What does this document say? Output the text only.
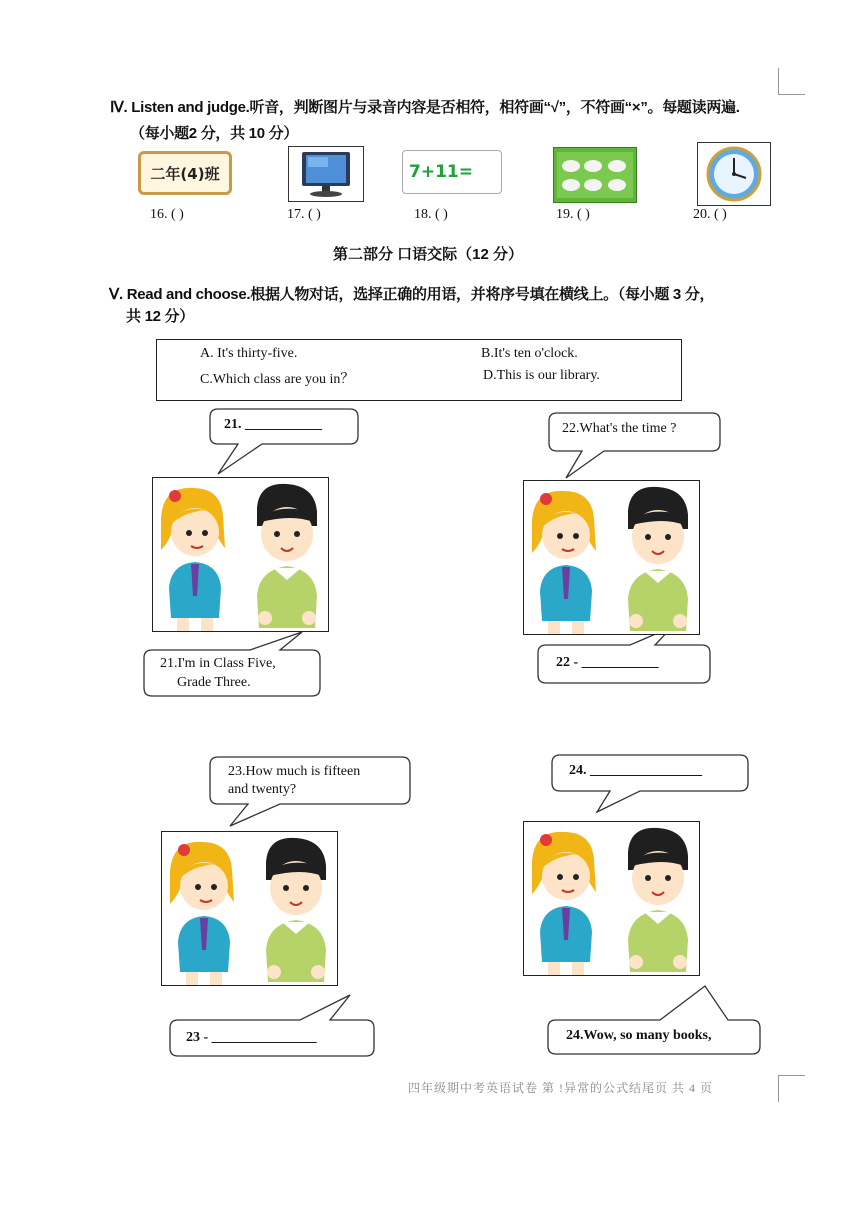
Ⅳ. Listen and judge.听音，判断图片与录音内容是否相符，相符画“√”，不符画“×”。每题读两遍.
（每小题2 分，共 10 分）
二年(4)班
16. ( )	17. ( )
7+11=
18. ( )	19. ( )	20. ( )
第二部分 口语交际（12 分）
Ⅴ. Read and choose.根据人物对话，选择正确的用语，并将序号填在横线上。（每小题 3 分，
共 12 分）
A. It's thirty-five.	B.It's ten o'clock.
C.Which class are you in？	D.This is our library.
21. ___________	22.What's the time ?
21.I'm in Class Five,
Grade Three.
22 - ___________
23.How much is fifteen
and twenty?
24. ________________
23 - _______________	24.Wow, so many books,
四年级期中考英语试卷 第 !异常的公式结尾页 共 4 页
